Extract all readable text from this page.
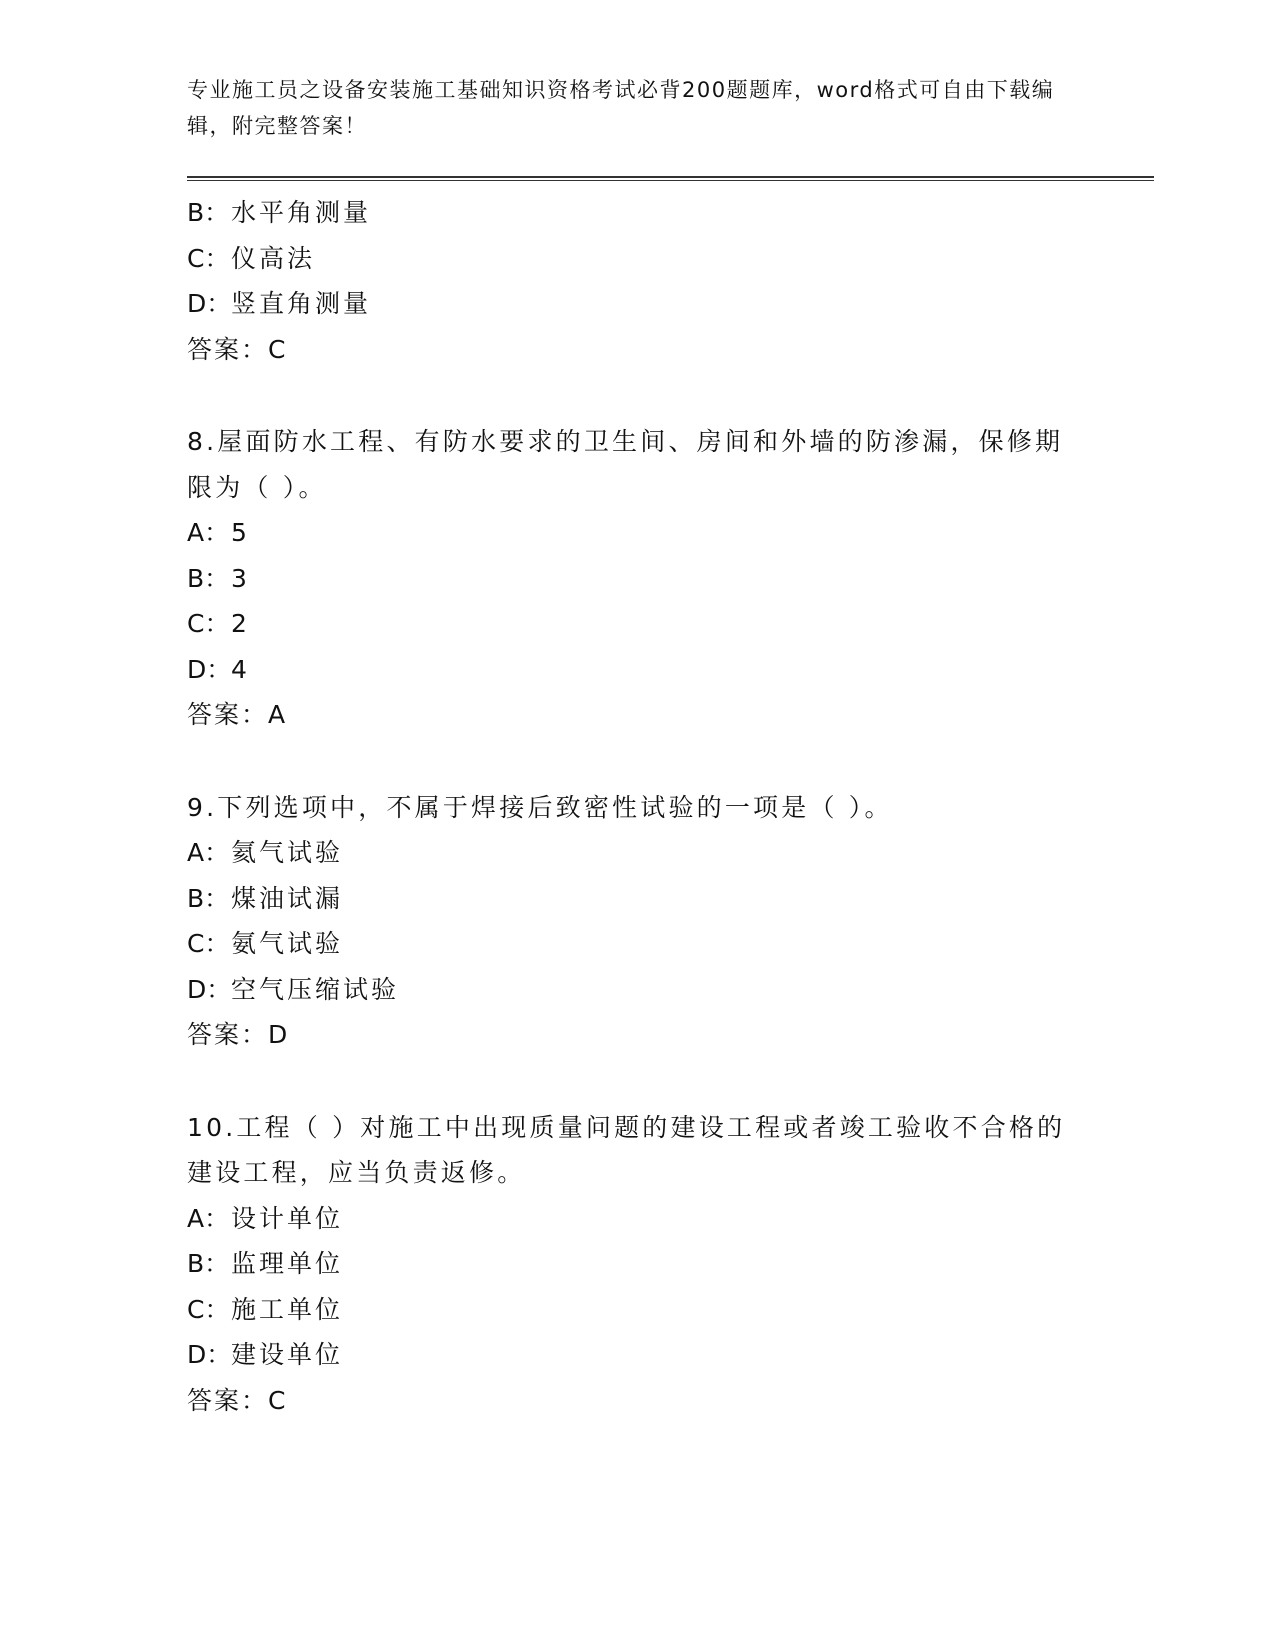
专业施工员之设备安装施工基础知识资格考试必背200题题库，word格式可自由下载编辑，附完整答案！
B：水平角测量
C：仪高法
D：竖直角测量
答案：C
8.屋面防水工程、有防水要求的卫生间、房间和外墙的防渗漏，保修期限为（ ）。
A：5
B：3
C：2
D：4
答案：A
9.下列选项中，不属于焊接后致密性试验的一项是（ ）。
A：氦气试验
B：煤油试漏
C：氨气试验
D：空气压缩试验
答案：D
10.工程（ ）对施工中出现质量问题的建设工程或者竣工验收不合格的建设工程，应当负责返修。
A：设计单位
B：监理单位
C：施工单位
D：建设单位
答案：C
